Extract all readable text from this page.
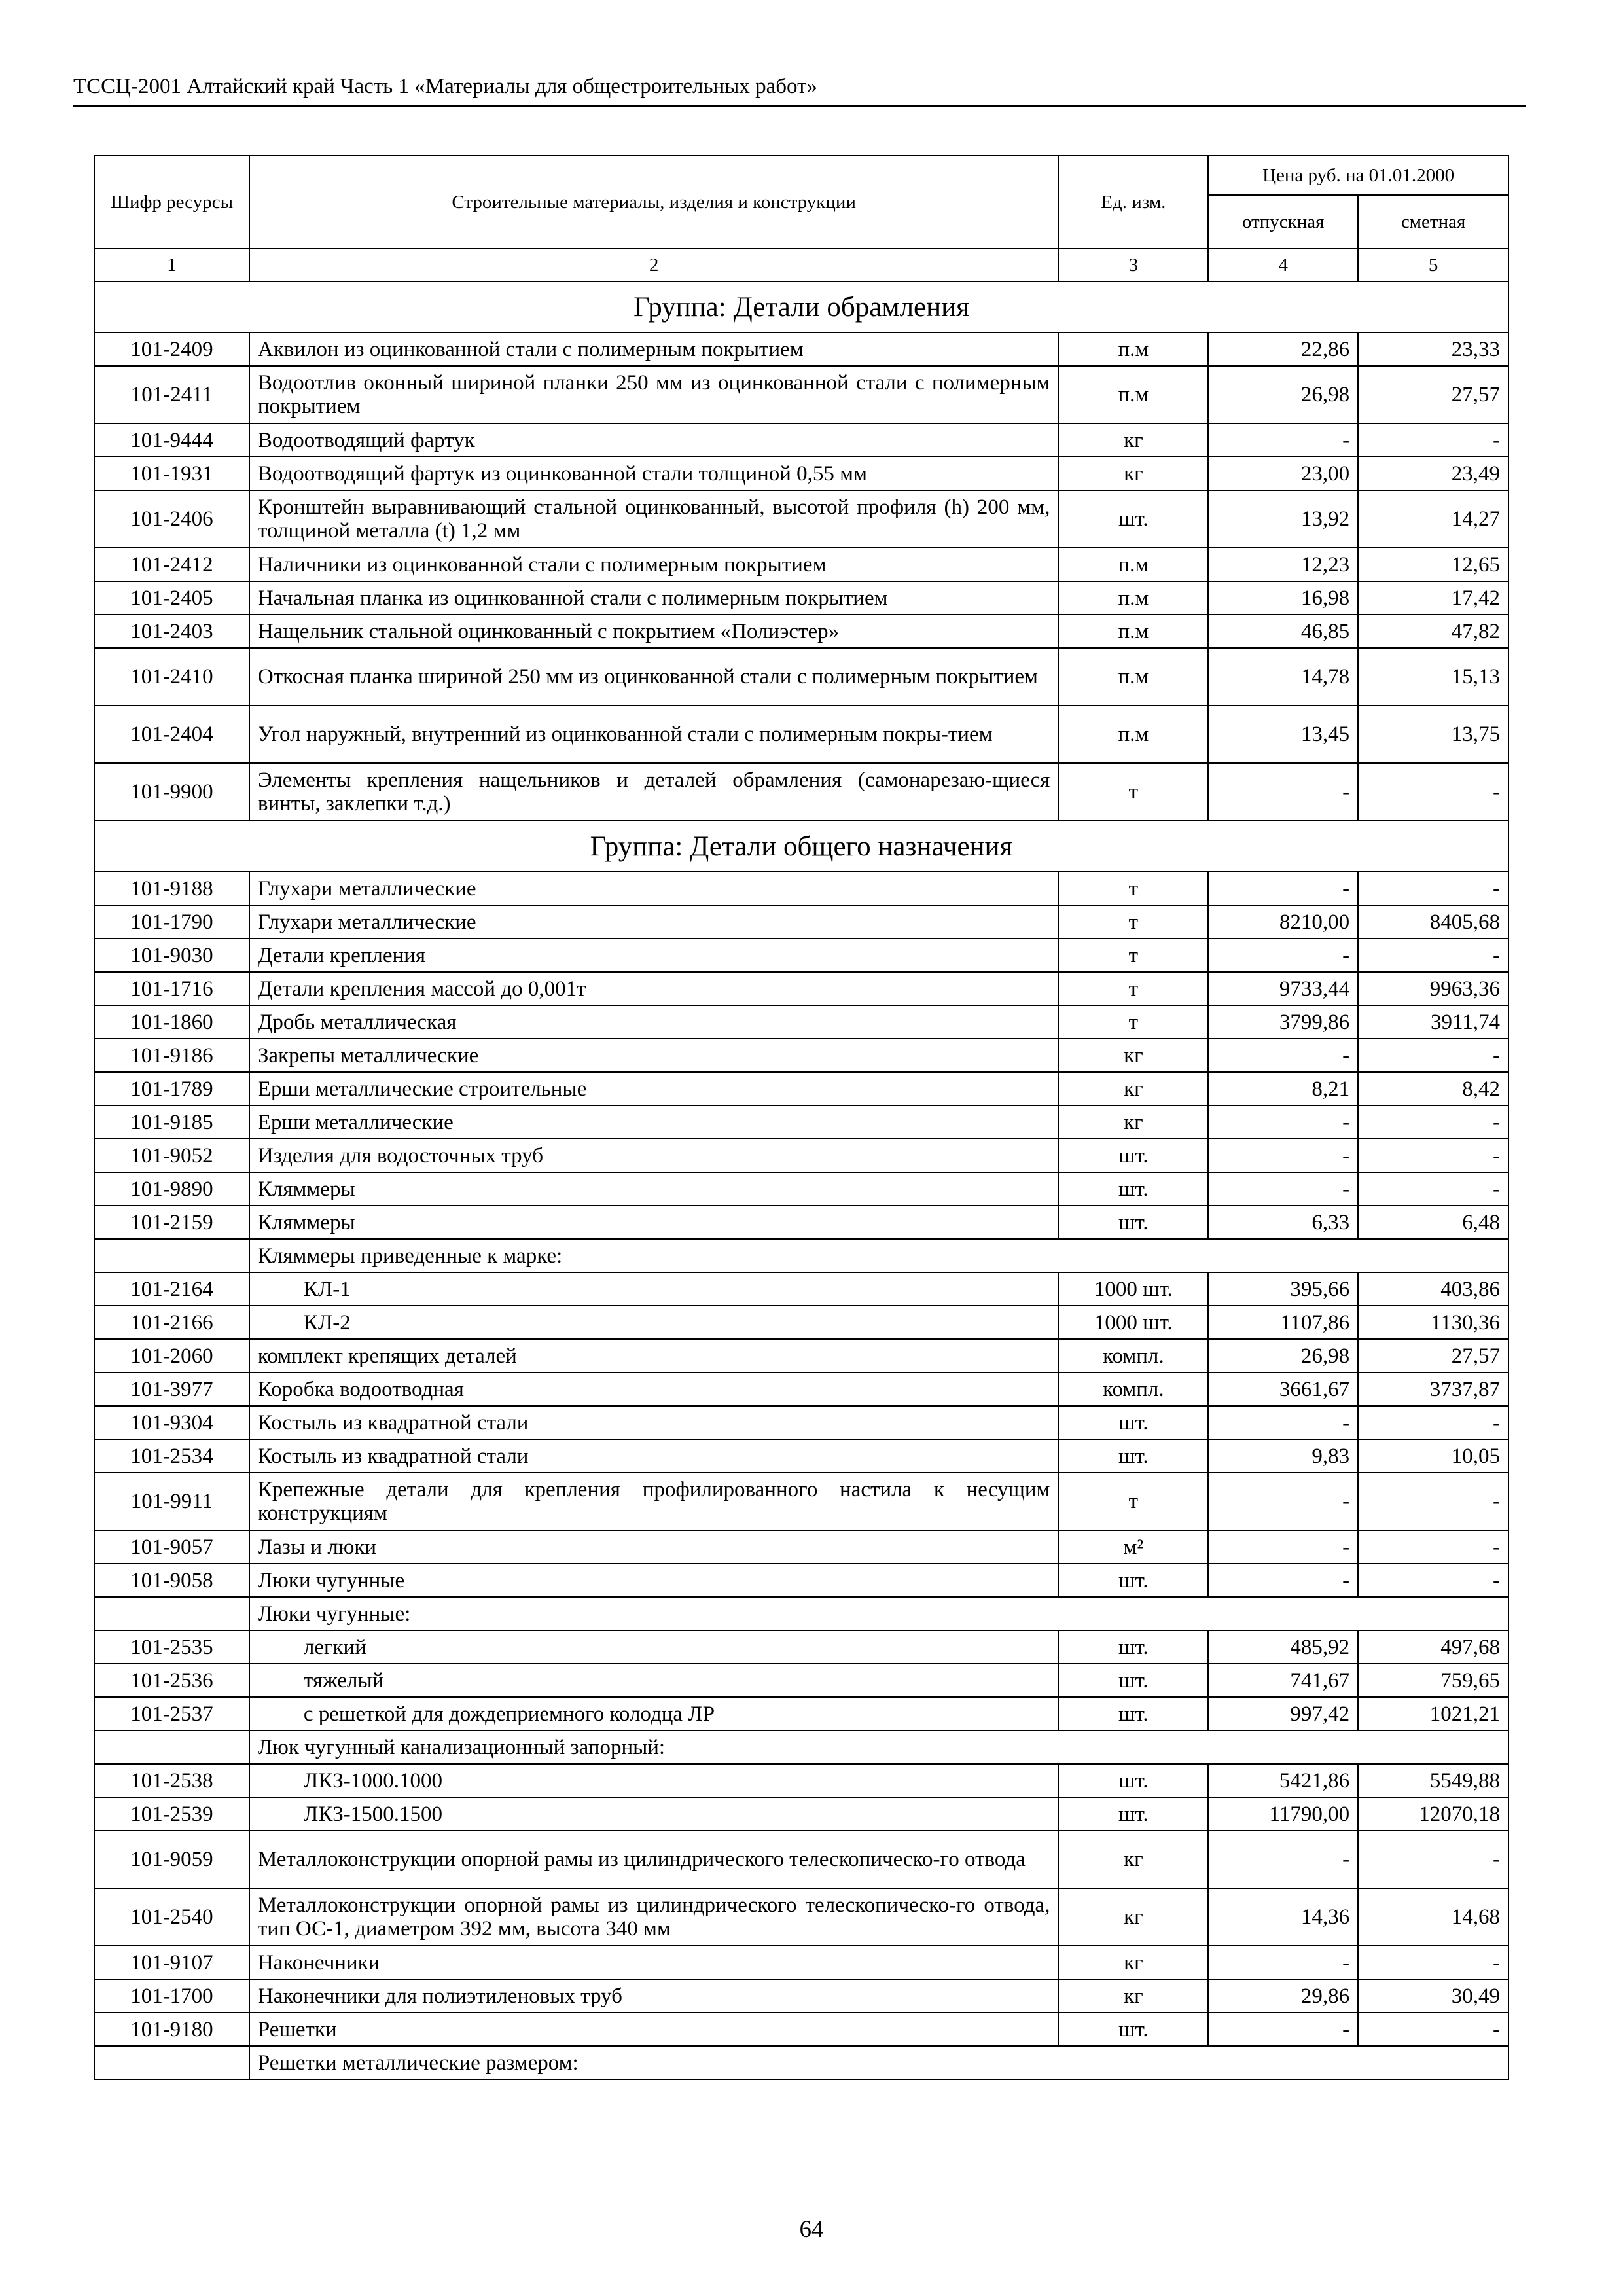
ТССЦ-2001 Алтайский край Часть 1 «Материалы для общестроительных работ»
Шифр ресурсы	Строительные материалы, изделия и конструкции	Ед. изм.	Цена руб. на 01.01.2000	
			отпускная	сметная
1	2	3	4	5
Группа: Детали обрамления				
101-2409	Аквилон из оцинкованной стали с полимерным покрытием	п.м	22,86	23,33
101-2411	Водоотлив оконный шириной планки 250 мм из оцинкованной стали с полимерным покрытием	п.м	26,98	27,57
101-9444	Водоотводящий фартук	кг	-	-
101-1931	Водоотводящий фартук из оцинкованной стали толщиной 0,55 мм	кг	23,00	23,49
101-2406	Кронштейн выравнивающий стальной оцинкованный, высотой профиля (h) 200 мм, толщиной металла (t) 1,2 мм	шт.	13,92	14,27
101-2412	Наличники из оцинкованной стали с полимерным покрытием	п.м	12,23	12,65
101-2405	Начальная планка из оцинкованной стали с полимерным покрытием	п.м	16,98	17,42
101-2403	Нащельник стальной оцинкованный с покрытием «Полиэстер»	п.м	46,85	47,82
101-2410	Откосная планка шириной 250 мм из оцинкованной стали с полимерным покрытием	п.м	14,78	15,13
101-2404	Угол наружный, внутренний из оцинкованной стали с полимерным покры-тием	п.м	13,45	13,75
101-9900	Элементы крепления нащельников и деталей обрамления (самонарезаю-щиеся винты, заклепки т.д.)	т	-	-
Группа: Детали общего назначения				
101-9188	Глухари металлические	т	-	-
101-1790	Глухари металлические	т	8210,00	8405,68
101-9030	Детали крепления	т	-	-
101-1716	Детали крепления массой до 0,001т	т	9733,44	9963,36
101-1860	Дробь металлическая	т	3799,86	3911,74
101-9186	Закрепы металлические	кг	-	-
101-1789	Ерши металлические строительные	кг	8,21	8,42
101-9185	Ерши металлические	кг	-	-
101-9052	Изделия для водосточных труб	шт.	-	-
101-9890	Кляммеры	шт.	-	-
101-2159	Кляммеры	шт.	6,33	6,48
	Кляммеры приведенные к марке:			
101-2164	КЛ-1	1000 шт.	395,66	403,86
101-2166	КЛ-2	1000 шт.	1107,86	1130,36
101-2060	комплект крепящих деталей	компл.	26,98	27,57
101-3977	Коробка водоотводная	компл.	3661,67	3737,87
101-9304	Костыль из квадратной стали	шт.	-	-
101-2534	Костыль из квадратной стали	шт.	9,83	10,05
101-9911	Крепежные детали для крепления профилированного настила к несущим конструкциям	т	-	-
101-9057	Лазы и люки	м²	-	-
101-9058	Люки чугунные	шт.	-	-
	Люки чугунные:			
101-2535	легкий	шт.	485,92	497,68
101-2536	тяжелый	шт.	741,67	759,65
101-2537	с решеткой для дождеприемного колодца ЛР	шт.	997,42	1021,21
	Люк чугунный канализационный запорный:			
101-2538	ЛКЗ-1000.1000	шт.	5421,86	5549,88
101-2539	ЛКЗ-1500.1500	шт.	11790,00	12070,18
101-9059	Металлоконструкции опорной рамы из цилиндрического телескопическо-го отвода	кг	-	-
101-2540	Металлоконструкции опорной рамы из цилиндрического телескопическо-го отвода, тип ОС-1, диаметром 392 мм, высота 340 мм	кг	14,36	14,68
101-9107	Наконечники	кг	-	-
101-1700	Наконечники для полиэтиленовых труб	кг	29,86	30,49
101-9180	Решетки	шт.	-	-
	Решетки металлические размером:			
64
